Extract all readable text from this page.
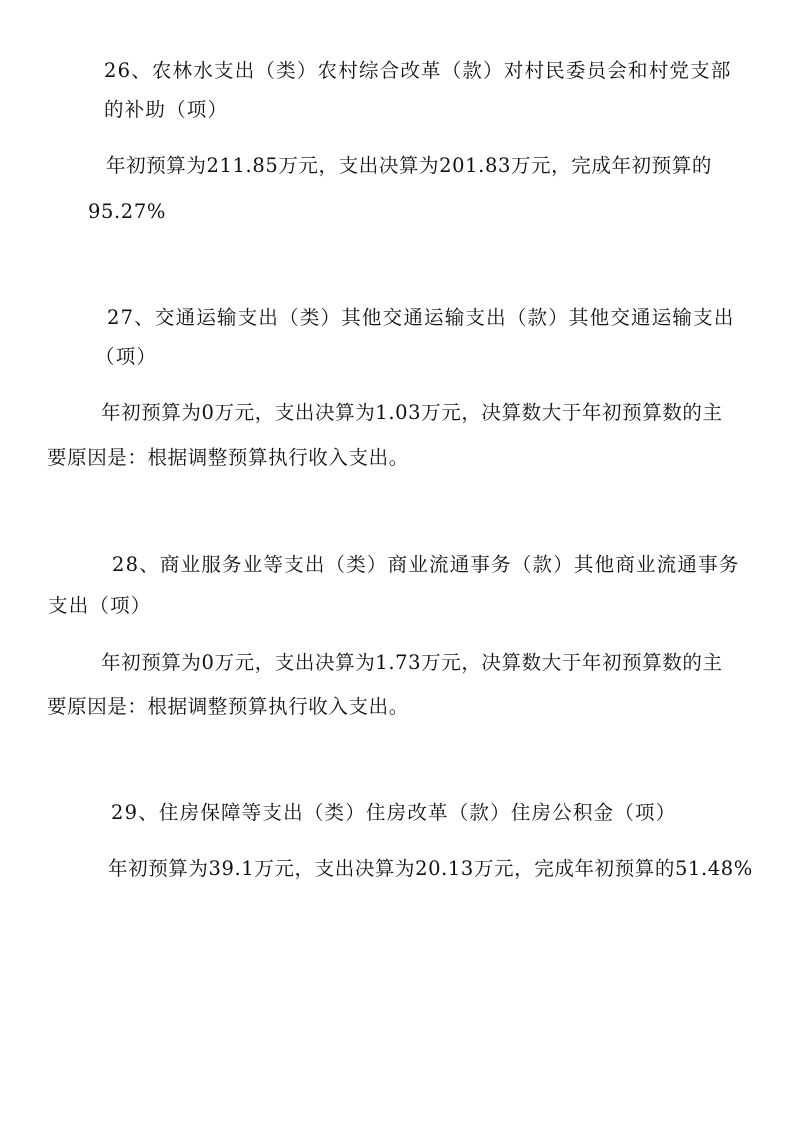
26、农林水支出（类）农村综合改革（款）对村民委员会和村党支部
的补助（项）
年初预算为211.85万元，支出决算为201.83万元，完成年初预算的
95.27%
27、交通运输支出（类）其他交通运输支出（款）其他交通运输支出
（项）
年初预算为0万元，支出决算为1.03万元，决算数大于年初预算数的主
要原因是：根据调整预算执行收入支出。
28、商业服务业等支出（类）商业流通事务（款）其他商业流通事务
支出（项）
年初预算为0万元，支出决算为1.73万元，决算数大于年初预算数的主
要原因是：根据调整预算执行收入支出。
29、住房保障等支出（类）住房改革（款）住房公积金（项）
年初预算为39.1万元，支出决算为20.13万元，完成年初预算的51.48%
